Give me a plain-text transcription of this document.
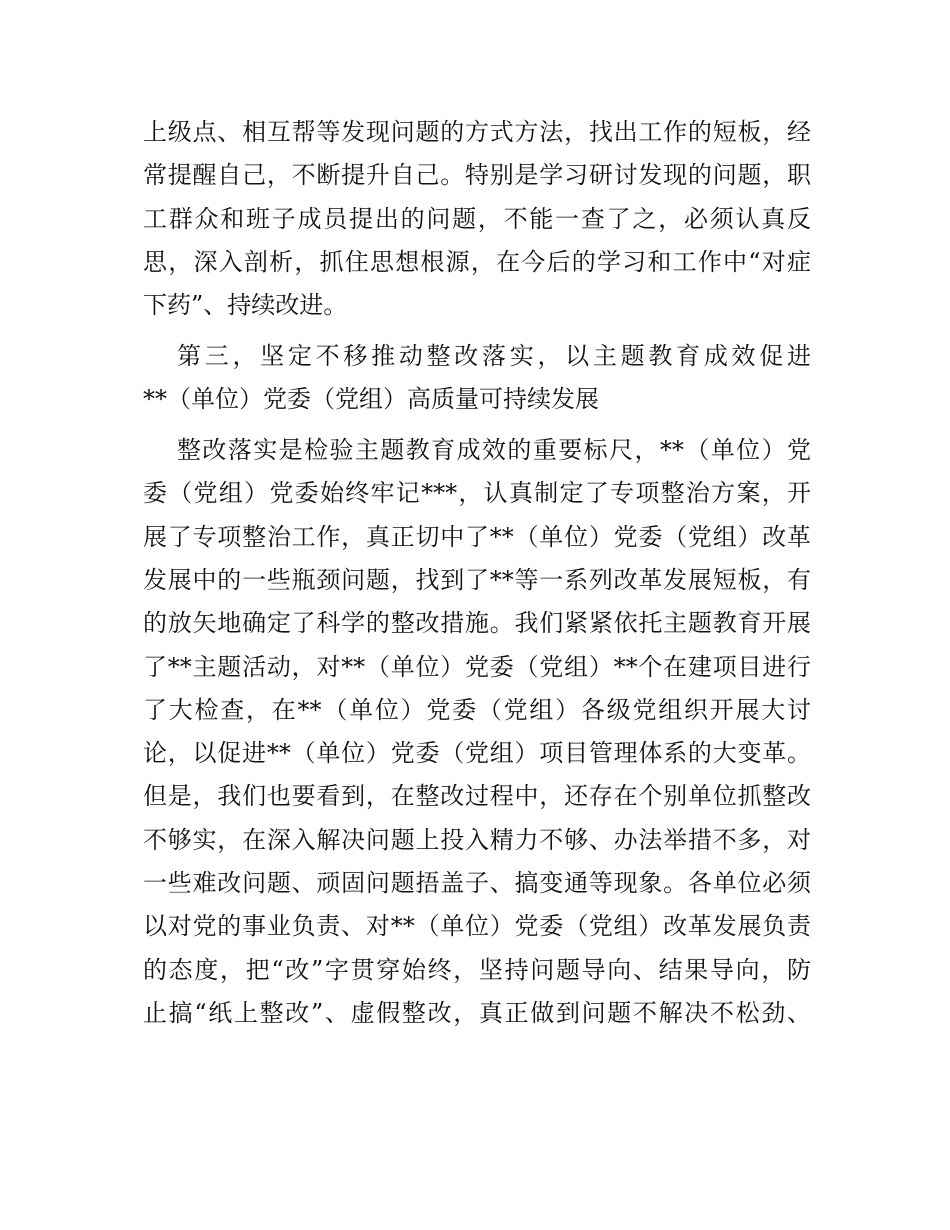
上级点、相互帮等发现问题的方式方法，找出工作的短板，经
常提醒自己，不断提升自己。特别是学习研讨发现的问题，职
工群众和班子成员提出的问题，不能一查了之，必须认真反
思，深入剖析，抓住思想根源，在今后的学习和工作中“对症
下药”、持续改进。
第三，坚定不移推动整改落实，以主题教育成效促进
**（单位）党委（党组）高质量可持续发展
整改落实是检验主题教育成效的重要标尺，**（单位）党
委（党组）党委始终牢记***，认真制定了专项整治方案，开
展了专项整治工作，真正切中了**（单位）党委（党组）改革
发展中的一些瓶颈问题，找到了**等一系列改革发展短板，有
的放矢地确定了科学的整改措施。我们紧紧依托主题教育开展
了**主题活动，对**（单位）党委（党组）**个在建项目进行
了大检查，在**（单位）党委（党组）各级党组织开展大讨
论，以促进**（单位）党委（党组）项目管理体系的大变革。
但是，我们也要看到，在整改过程中，还存在个别单位抓整改
不够实，在深入解决问题上投入精力不够、办法举措不多，对
一些难改问题、顽固问题捂盖子、搞变通等现象。各单位必须
以对党的事业负责、对**（单位）党委（党组）改革发展负责
的态度，把“改”字贯穿始终，坚持问题导向、结果导向，防
止搞“纸上整改”、虚假整改，真正做到问题不解决不松劲、
